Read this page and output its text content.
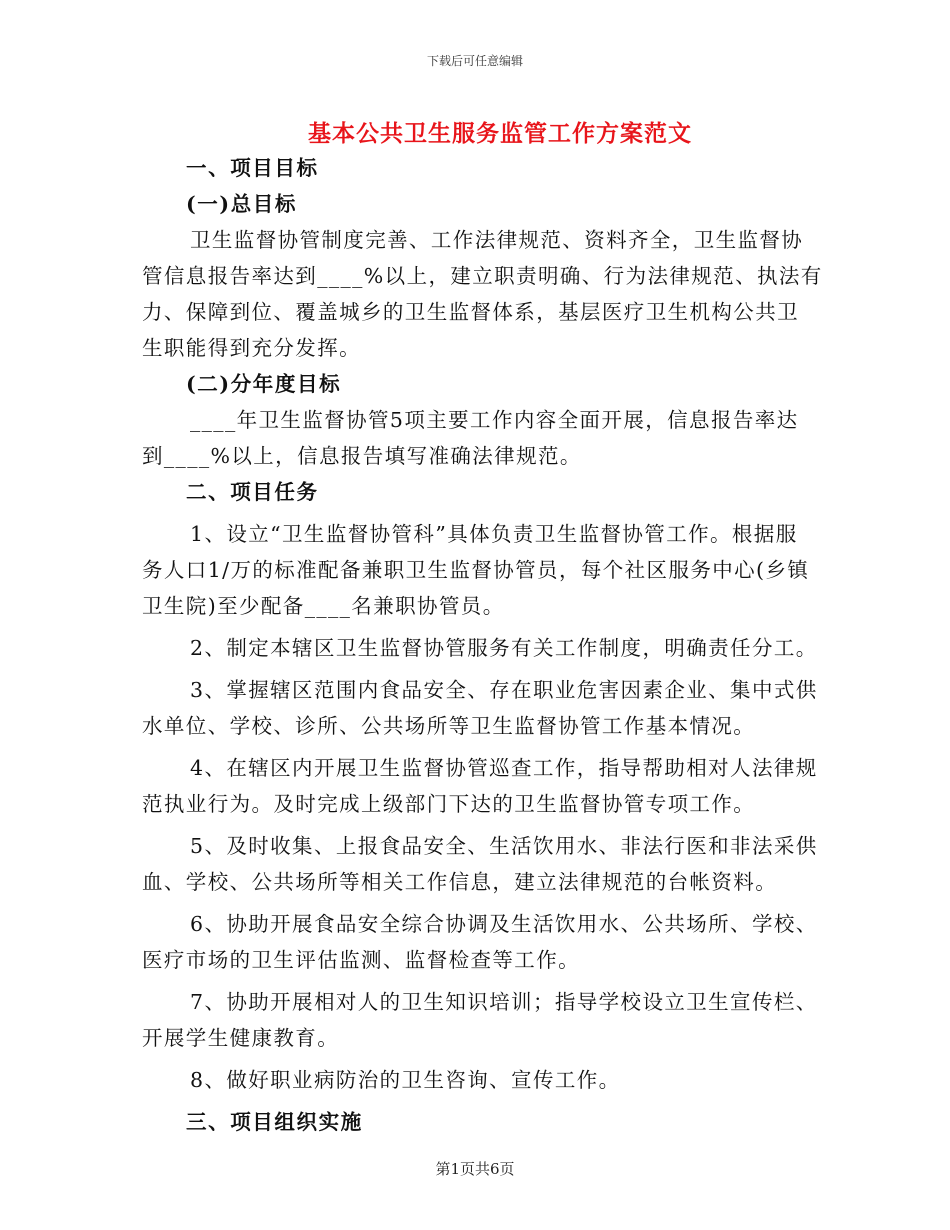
下载后可任意编辑
基本公共卫生服务监管工作方案范文
一、项目目标
(一)总目标
卫生监督协管制度完善、工作法律规范、资料齐全，卫生监督协
管信息报告率达到____%以上，建立职责明确、行为法律规范、执法有
力、保障到位、覆盖城乡的卫生监督体系，基层医疗卫生机构公共卫
生职能得到充分发挥。
(二)分年度目标
____年卫生监督协管5项主要工作内容全面开展，信息报告率达
到____%以上，信息报告填写准确法律规范。
二、项目任务
1、设立“卫生监督协管科”具体负责卫生监督协管工作。根据服
务人口1/万的标准配备兼职卫生监督协管员，每个社区服务中心(乡镇
卫生院)至少配备____名兼职协管员。
2、制定本辖区卫生监督协管服务有关工作制度，明确责任分工。
3、掌握辖区范围内食品安全、存在职业危害因素企业、集中式供
水单位、学校、诊所、公共场所等卫生监督协管工作基本情况。
4、在辖区内开展卫生监督协管巡查工作，指导帮助相对人法律规
范执业行为。及时完成上级部门下达的卫生监督协管专项工作。
5、及时收集、上报食品安全、生活饮用水、非法行医和非法采供
血、学校、公共场所等相关工作信息，建立法律规范的台帐资料。
6、协助开展食品安全综合协调及生活饮用水、公共场所、学校、
医疗市场的卫生评估监测、监督检查等工作。
7、协助开展相对人的卫生知识培训；指导学校设立卫生宣传栏、
开展学生健康教育。
8、做好职业病防治的卫生咨询、宣传工作。
三、项目组织实施
第1页共6页
